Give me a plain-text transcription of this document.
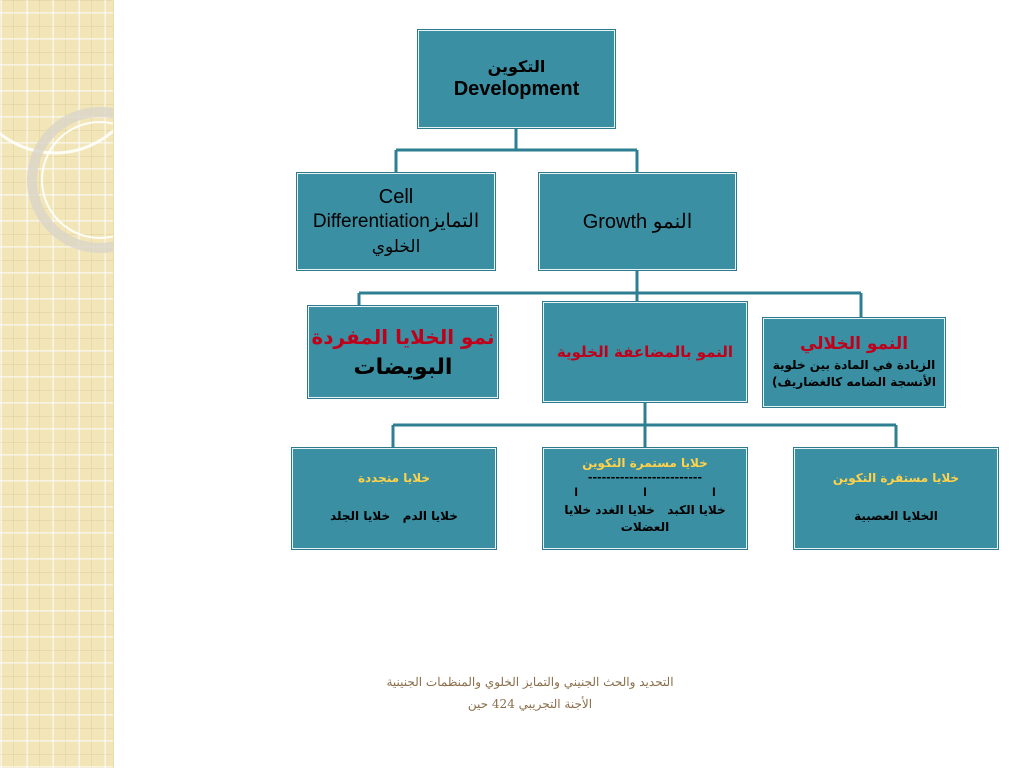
التكوين
Development
Cell
Differentiationالتمايز
الخلوي
النمو Growth
نمو الخلايا المفردة
البويضات
النمو بالمضاعفة الخلوية	النمو الخلالي
الزيادة في المادة بين خلوية
الأنسجة الضامه كالغضاريف)
خلايا متجددة
خلايا الدم   خلايا الجلد
خلايا مستمرة التكوين
-------------------------
ا                 ا                 ا
خلايا الكبد   خلايا الغدد خلايا
العضلات
خلايا مستقرة التكوين
الخلايا العصبية
التحديد والحث الجنيني والتمايز الخلوي والمنظمات الجنينية
الأجنة التجريبي 424 حين
